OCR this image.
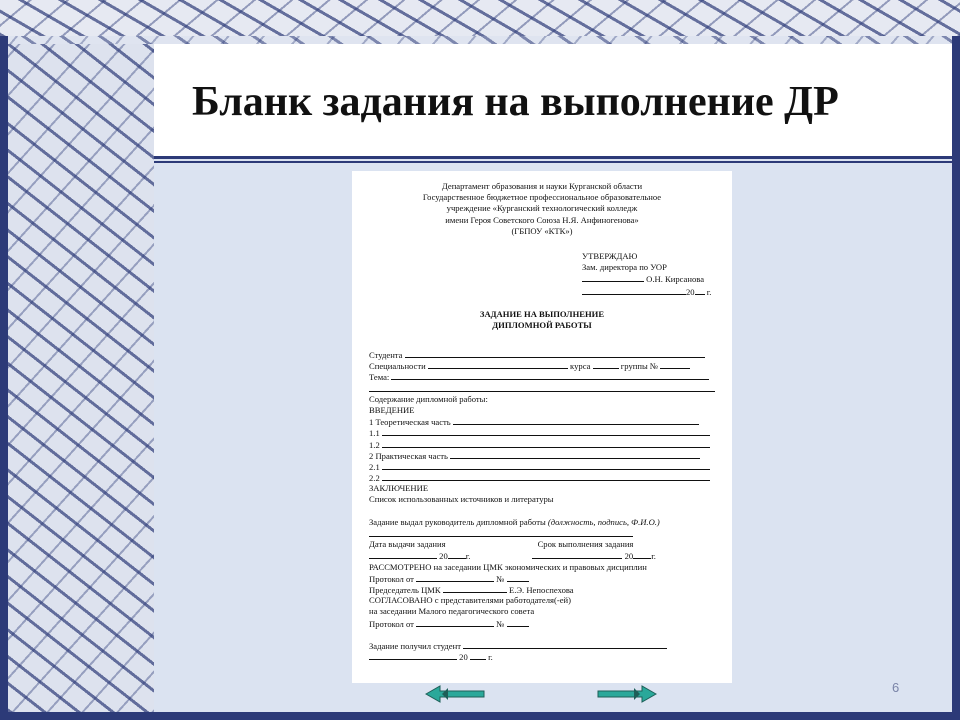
Бланк задания на выполнение ДР
Департамент образования и науки Курганской области
Государственное бюджетное профессиональное образовательное
учреждение «Курганский технологический колледж
имени Героя Советского Союза Н.Я. Анфиногенова»
(ГБПОУ «КТК»)
УТВЕРЖДАЮ
Зам. директора по УОР
О.Н. Кирсанова
20 г.
ЗАДАНИЕ НА ВЫПОЛНЕНИЕ
ДИПЛОМНОЙ РАБОТЫ
Студента
Специальности	курса	группы №
Тема:
Содержание дипломной работы:
ВВЕДЕНИЕ
1 Теоретическая часть
1.1
1.2
2 Практическая часть
2.1
2.2
ЗАКЛЮЧЕНИЕ
Список использованных источников и литературы
Задание выдал руководитель дипломной работы (должность, подпись, Ф.И.О.)
Дата выдачи задания	Срок выполнения задания
20 г.	20 г.
РАССМОТРЕНО на заседании ЦМК экономических и правовых дисциплин
Протокол от	№
Председатель ЦМК	Е.Э. Непоспехова
СОГЛАСОВАНО с представителями работодателя(-ей)
на заседании Малого педагогического совета
Протокол от	№
Задание получил студент
20 г.
6
